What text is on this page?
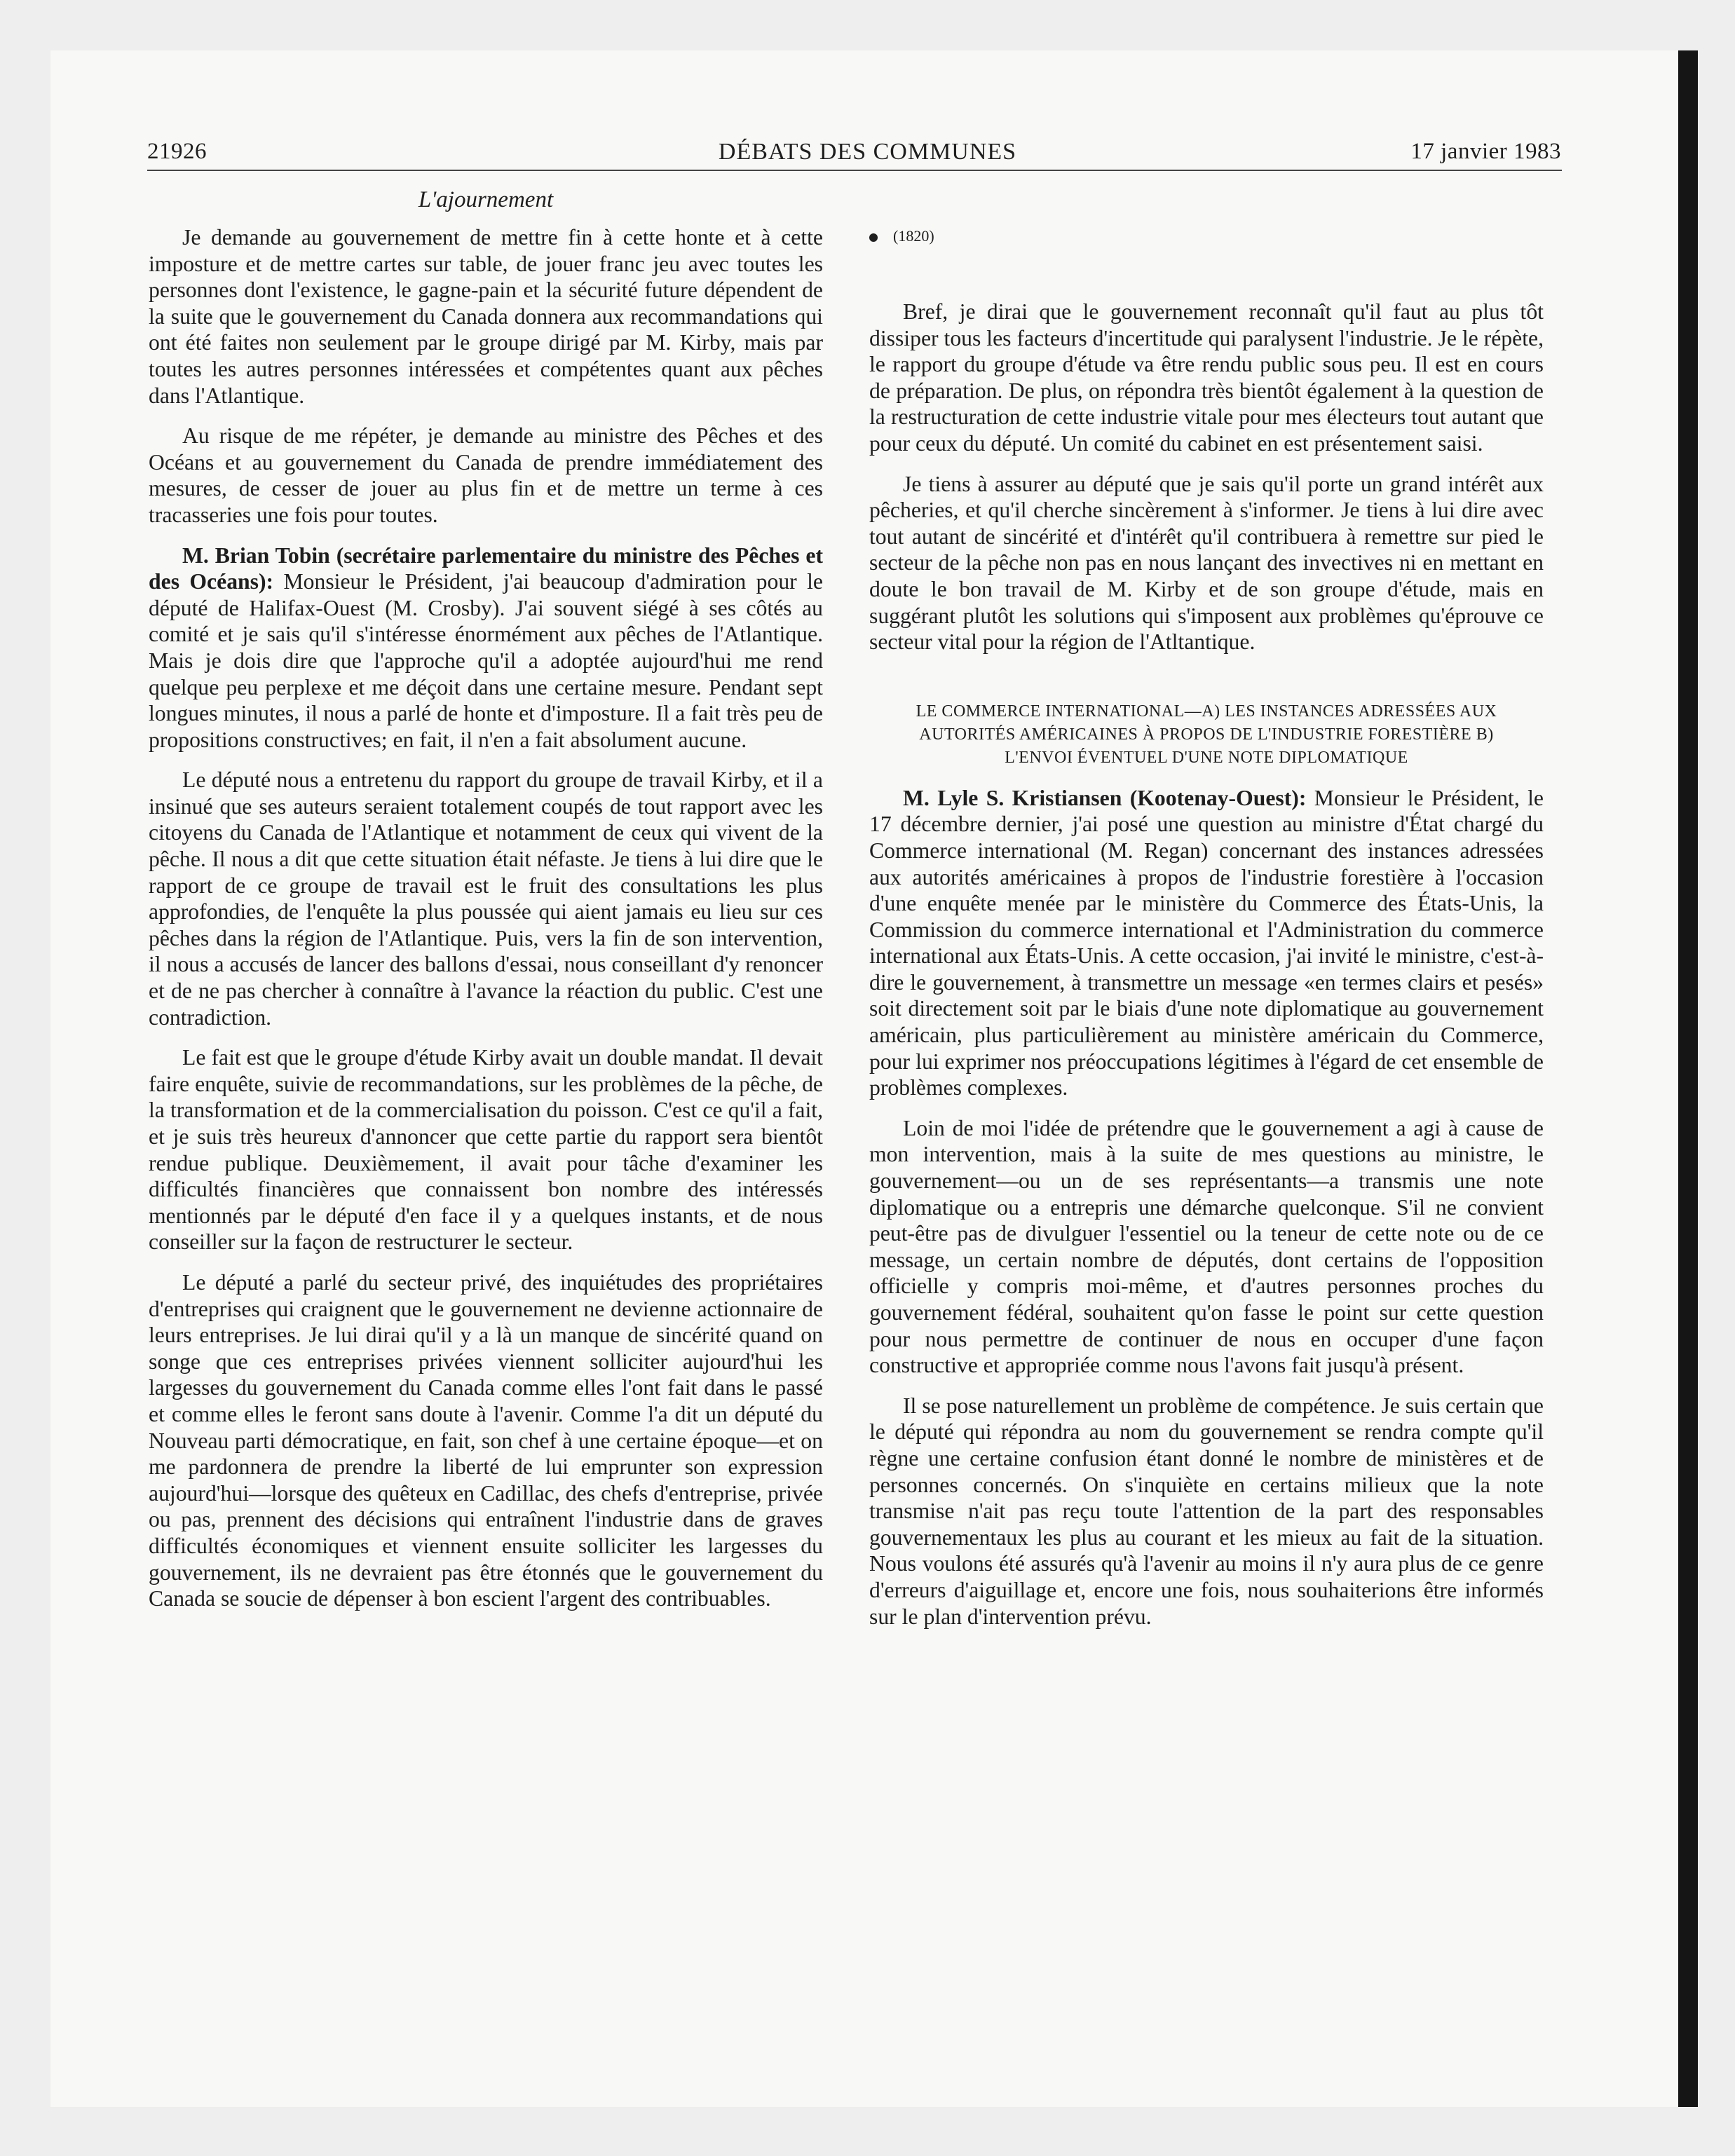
21926	DÉBATS DES COMMUNES	17 janvier 1983
L'ajournement

Je demande au gouvernement de mettre fin à cette honte et à cette imposture et de mettre cartes sur table, de jouer franc jeu avec toutes les personnes dont l'existence, le gagne-pain et la sécurité future dépendent de la suite que le gouvernement du Canada donnera aux recommandations qui ont été faites non seulement par le groupe dirigé par M. Kirby, mais par toutes les autres personnes intéressées et compétentes quant aux pêches dans l'Atlantique.

Au risque de me répéter, je demande au ministre des Pêches et des Océans et au gouvernement du Canada de prendre immédiatement des mesures, de cesser de jouer au plus fin et de mettre un terme à ces tracasseries une fois pour toutes.

M. Brian Tobin (secrétaire parlementaire du ministre des Pêches et des Océans): Monsieur le Président, j'ai beaucoup d'admiration pour le député de Halifax-Ouest (M. Crosby). J'ai souvent siégé à ses côtés au comité et je sais qu'il s'intéresse énormément aux pêches de l'Atlantique. Mais je dois dire que l'approche qu'il a adoptée aujourd'hui me rend quelque peu perplexe et me déçoit dans une certaine mesure. Pendant sept longues minutes, il nous a parlé de honte et d'imposture. Il a fait très peu de propositions constructives; en fait, il n'en a fait absolument aucune.

Le député nous a entretenu du rapport du groupe de travail Kirby, et il a insinué que ses auteurs seraient totalement coupés de tout rapport avec les citoyens du Canada de l'Atlantique et notamment de ceux qui vivent de la pêche. Il nous a dit que cette situation était néfaste. Je tiens à lui dire que le rapport de ce groupe de travail est le fruit des consultations les plus approfondies, de l'enquête la plus poussée qui aient jamais eu lieu sur ces pêches dans la région de l'Atlantique. Puis, vers la fin de son intervention, il nous a accusés de lancer des ballons d'essai, nous conseillant d'y renoncer et de ne pas chercher à connaître à l'avance la réaction du public. C'est une contradiction.

Le fait est que le groupe d'étude Kirby avait un double mandat. Il devait faire enquête, suivie de recommandations, sur les problèmes de la pêche, de la transformation et de la commercialisation du poisson. C'est ce qu'il a fait, et je suis très heureux d'annoncer que cette partie du rapport sera bientôt rendue publique. Deuxièmement, il avait pour tâche d'examiner les difficultés financières que connaissent bon nombre des intéressés mentionnés par le député d'en face il y a quelques instants, et de nous conseiller sur la façon de restructurer le secteur.

Le député a parlé du secteur privé, des inquiétudes des propriétaires d'entreprises qui craignent que le gouvernement ne devienne actionnaire de leurs entreprises. Je lui dirai qu'il y a là un manque de sincérité quand on songe que ces entreprises privées viennent solliciter aujourd'hui les largesses du gouvernement du Canada comme elles l'ont fait dans le passé et comme elles le feront sans doute à l'avenir. Comme l'a dit un député du Nouveau parti démocratique, en fait, son chef à une certaine époque—et on me pardonnera de prendre la liberté de lui emprunter son expression aujourd'hui—lorsque des quêteux en Cadillac, des chefs d'entreprise, privée ou pas, prennent des décisions qui entraînent l'industrie dans de graves difficultés économiques et viennent ensuite solliciter les largesses du gouvernement, ils ne devraient pas être étonnés que le gouvernement du Canada se soucie de dépenser à bon escient l'argent des contribuables.

(1820)

Bref, je dirai que le gouvernement reconnaît qu'il faut au plus tôt dissiper tous les facteurs d'incertitude qui paralysent l'industrie. Je le répète, le rapport du groupe d'étude va être rendu public sous peu. Il est en cours de préparation. De plus, on répondra très bientôt également à la question de la restructuration de cette industrie vitale pour mes électeurs tout autant que pour ceux du député. Un comité du cabinet en est présentement saisi.

Je tiens à assurer au député que je sais qu'il porte un grand intérêt aux pêcheries, et qu'il cherche sincèrement à s'informer. Je tiens à lui dire avec tout autant de sincérité et d'intérêt qu'il contribuera à remettre sur pied le secteur de la pêche non pas en nous lançant des invectives ni en mettant en doute le bon travail de M. Kirby et de son groupe d'étude, mais en suggérant plutôt les solutions qui s'imposent aux problèmes qu'éprouve ce secteur vital pour la région de l'Atltantique.

LE COMMERCE INTERNATIONAL—A) LES INSTANCES ADRESSÉES AUX AUTORITÉS AMÉRICAINES À PROPOS DE L'INDUSTRIE FORESTIÈRE B) L'ENVOI ÉVENTUEL D'UNE NOTE DIPLOMATIQUE

M. Lyle S. Kristiansen (Kootenay-Ouest): Monsieur le Président, le 17 décembre dernier, j'ai posé une question au ministre d'État chargé du Commerce international (M. Regan) concernant des instances adressées aux autorités américaines à propos de l'industrie forestière à l'occasion d'une enquête menée par le ministère du Commerce des États-Unis, la Commission du commerce international et l'Administration du commerce international aux États-Unis. A cette occasion, j'ai invité le ministre, c'est-à-dire le gouvernement, à transmettre un message «en termes clairs et pesés» soit directement soit par le biais d'une note diplomatique au gouvernement américain, plus particulièrement au ministère américain du Commerce, pour lui exprimer nos préoccupations légitimes à l'égard de cet ensemble de problèmes complexes.

Loin de moi l'idée de prétendre que le gouvernement a agi à cause de mon intervention, mais à la suite de mes questions au ministre, le gouvernement—ou un de ses représentants—a transmis une note diplomatique ou a entrepris une démarche quelconque. S'il ne convient peut-être pas de divulguer l'essentiel ou la teneur de cette note ou de ce message, un certain nombre de députés, dont certains de l'opposition officielle y compris moi-même, et d'autres personnes proches du gouvernement fédéral, souhaitent qu'on fasse le point sur cette question pour nous permettre de continuer de nous en occuper d'une façon constructive et appropriée comme nous l'avons fait jusqu'à présent.

Il se pose naturellement un problème de compétence. Je suis certain que le député qui répondra au nom du gouvernement se rendra compte qu'il règne une certaine confusion étant donné le nombre de ministères et de personnes concernés. On s'inquiète en certains milieux que la note transmise n'ait pas reçu toute l'attention de la part des responsables gouvernementaux les plus au courant et les mieux au fait de la situation. Nous voulons été assurés qu'à l'avenir au moins il n'y aura plus de ce genre d'erreurs d'aiguillage et, encore une fois, nous souhaiterions être informés sur le plan d'intervention prévu.
